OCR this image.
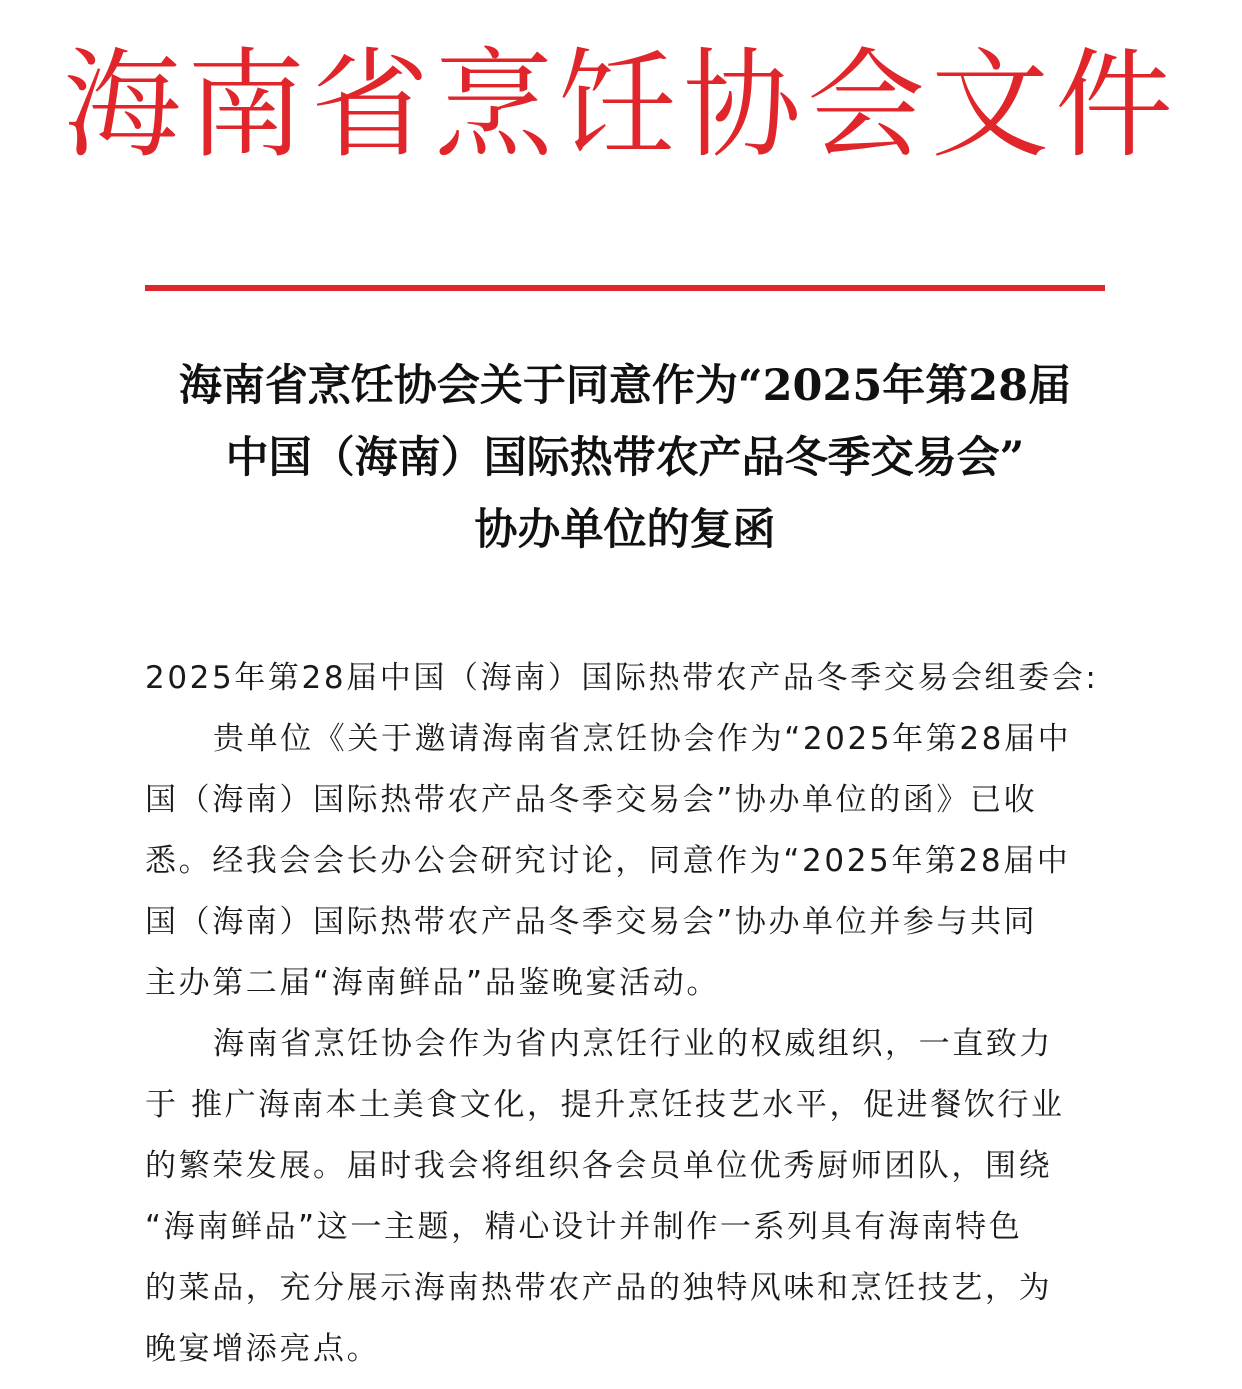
海南省烹饪协会文件
海南省烹饪协会关于同意作为“2025年第28届
中国（海南）国际热带农产品冬季交易会”
协办单位的复函
2025年第28届中国（海南）国际热带农产品冬季交易会组委会:
贵单位《关于邀请海南省烹饪协会作为“2025年第28届中
国（海南）国际热带农产品冬季交易会”协办单位的函》已收
悉。经我会会长办公会研究讨论，同意作为“2025年第28届中
国（海南）国际热带农产品冬季交易会”协办单位并参与共同
主办第二届“海南鲜品”品鉴晚宴活动。
海南省烹饪协会作为省内烹饪行业的权威组织，一直致力
于 推广海南本土美食文化，提升烹饪技艺水平，促进餐饮行业
的繁荣发展。届时我会将组织各会员单位优秀厨师团队，围绕
“海南鲜品”这一主题，精心设计并制作一系列具有海南特色
的菜品，充分展示海南热带农产品的独特风味和烹饪技艺，为
晚宴增添亮点。
